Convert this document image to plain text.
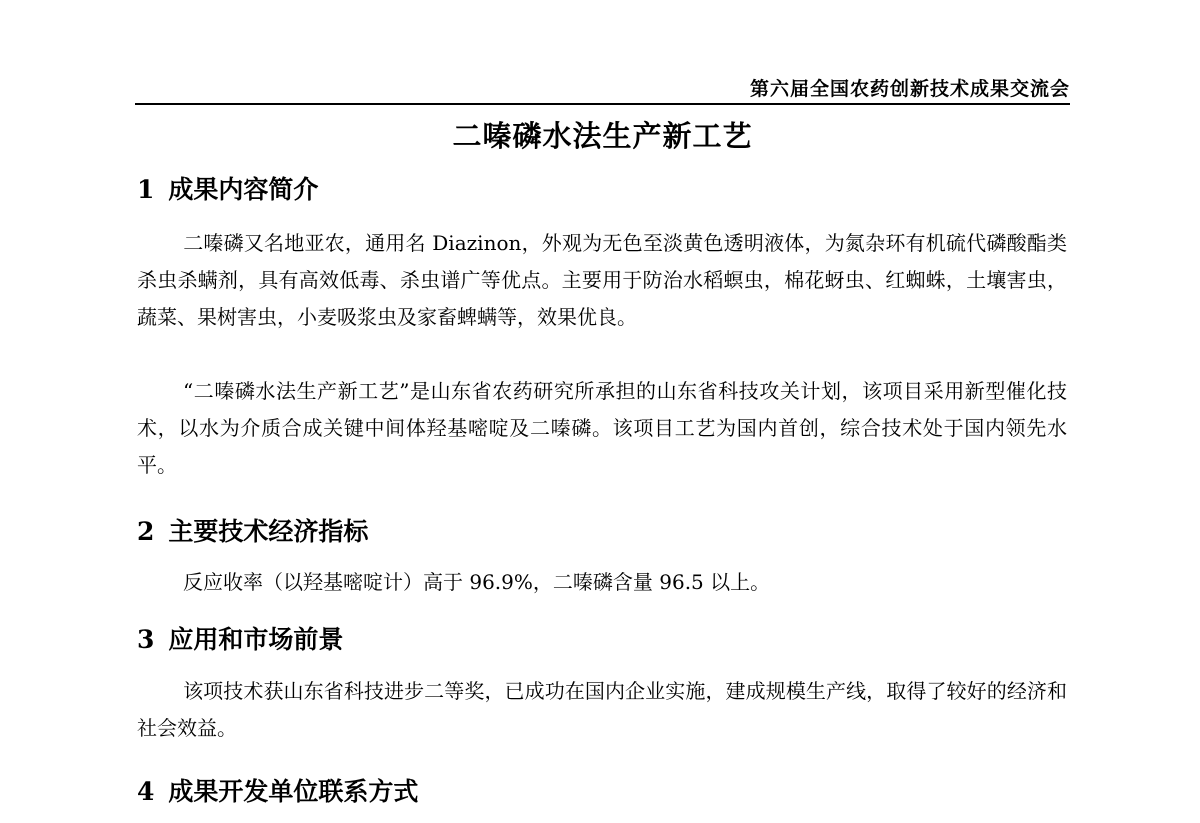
第六届全国农药创新技术成果交流会
二嗪磷水法生产新工艺
1 成果内容简介
二嗪磷又名地亚农，通用名 Diazinon，外观为无色至淡黄色透明液体，为氮杂环有机硫代磷酸酯类杀虫杀螨剂，具有高效低毒、杀虫谱广等优点。主要用于防治水稻螟虫，棉花蚜虫、红蜘蛛，土壤害虫，蔬菜、果树害虫，小麦吸浆虫及家畜蜱螨等，效果优良。
“二嗪磷水法生产新工艺”是山东省农药研究所承担的山东省科技攻关计划，该项目采用新型催化技术，以水为介质合成关键中间体羟基嘧啶及二嗪磷。该项目工艺为国内首创，综合技术处于国内领先水平。
2 主要技术经济指标
反应收率（以羟基嘧啶计）高于 96.9%，二嗪磷含量 96.5 以上。
3 应用和市场前景
该项技术获山东省科技进步二等奖，已成功在国内企业实施，建成规模生产线，取得了较好的经济和社会效益。
4 成果开发单位联系方式
